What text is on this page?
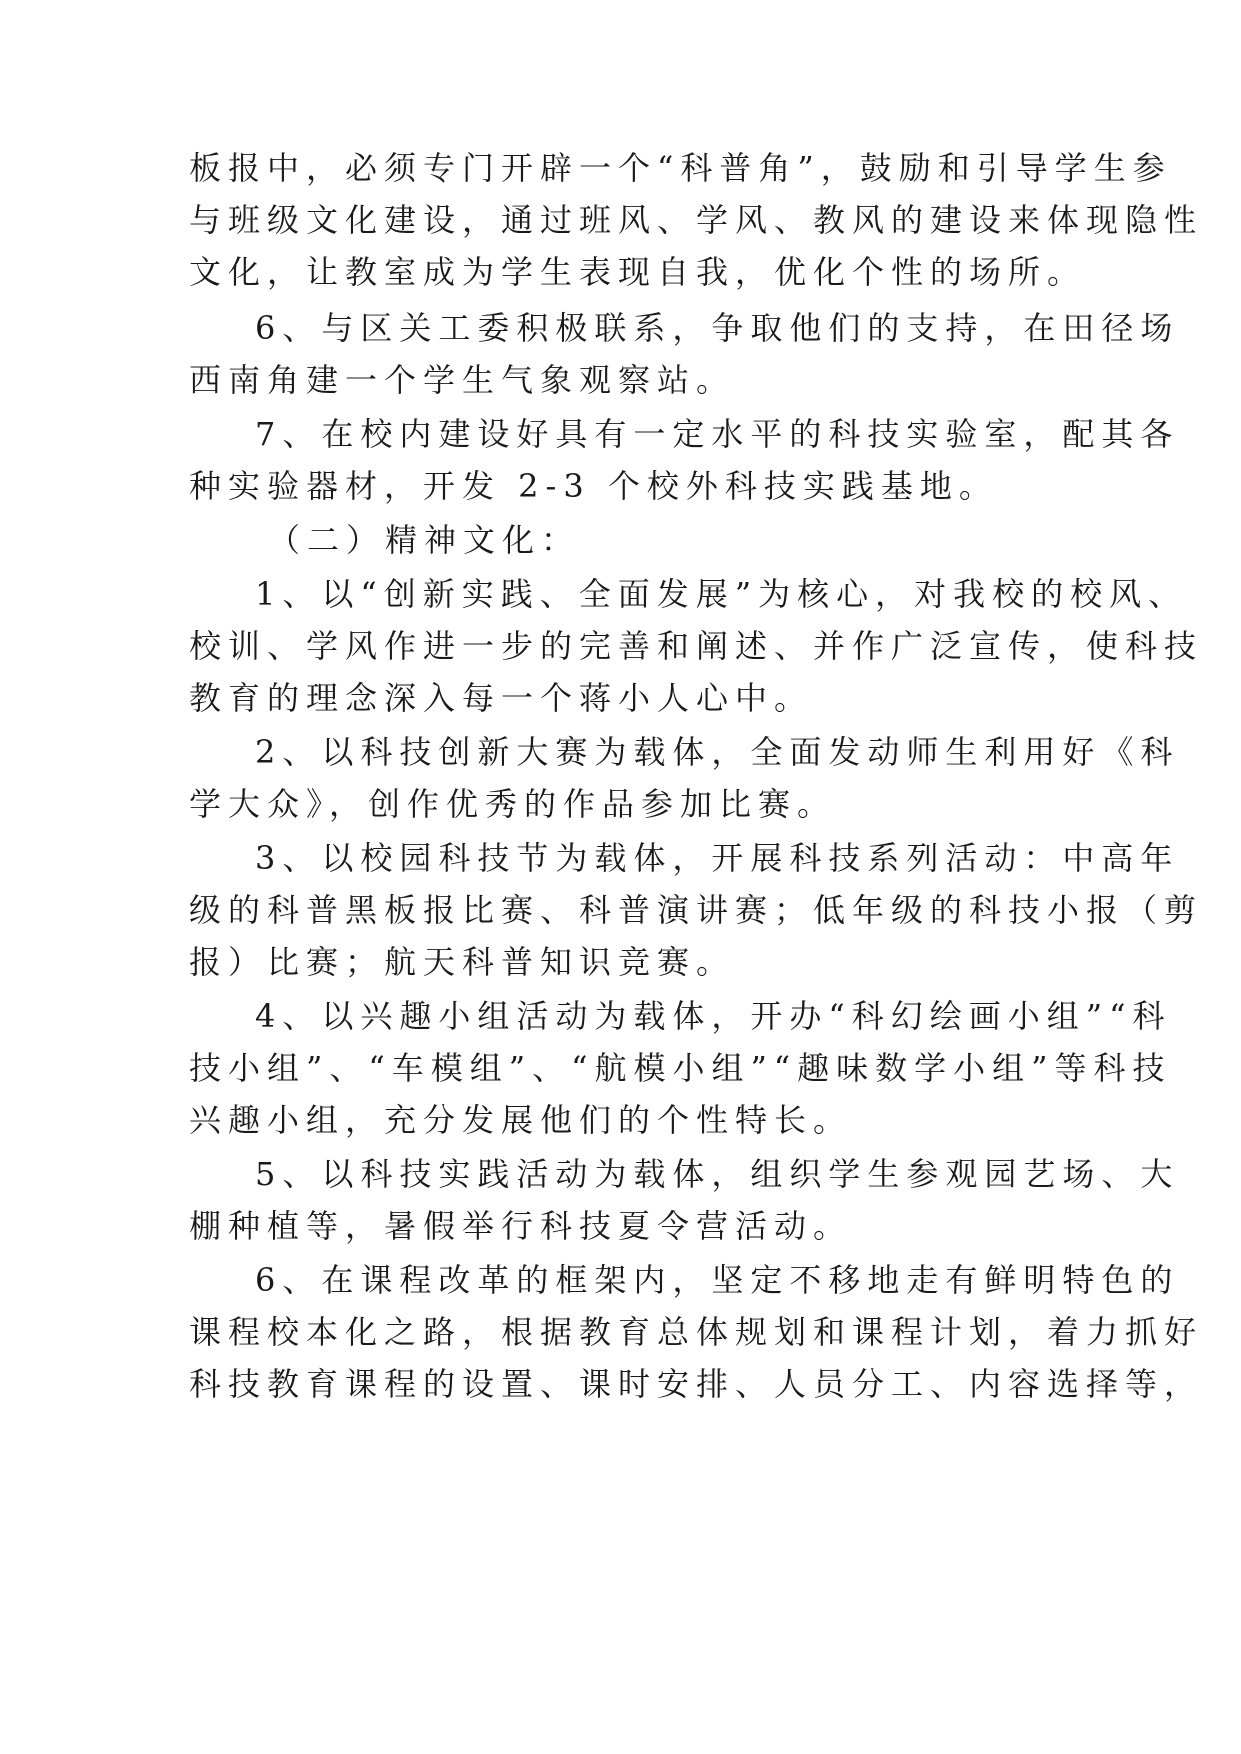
板报中，必须专门开辟一个“科普角”，鼓励和引导学生参
与班级文化建设，通过班风、学风、教风的建设来体现隐性
文化，让教室成为学生表现自我，优化个性的场所。
6、与区关工委积极联系，争取他们的支持，在田径场
西南角建一个学生气象观察站。
7、在校内建设好具有一定水平的科技实验室，配其各
种实验器材，开发 2-3 个校外科技实践基地。
（二）精神文化：
1、以“创新实践、全面发展”为核心，对我校的校风、
校训、学风作进一步的完善和阐述、并作广泛宣传，使科技
教育的理念深入每一个蒋小人心中。
2、以科技创新大赛为载体，全面发动师生利用好《科
学大众》，创作优秀的作品参加比赛。
3、以校园科技节为载体，开展科技系列活动：中高年
级的科普黑板报比赛、科普演讲赛；低年级的科技小报（剪
报）比赛；航天科普知识竞赛。
4、以兴趣小组活动为载体，开办“科幻绘画小组”“科
技小组”、“车模组”、“航模小组”“趣味数学小组”等科技
兴趣小组，充分发展他们的个性特长。
5、以科技实践活动为载体，组织学生参观园艺场、大
棚种植等，暑假举行科技夏令营活动。
6、在课程改革的框架内，坚定不移地走有鲜明特色的
课程校本化之路，根据教育总体规划和课程计划，着力抓好
科技教育课程的设置、课时安排、人员分工、内容选择等，
